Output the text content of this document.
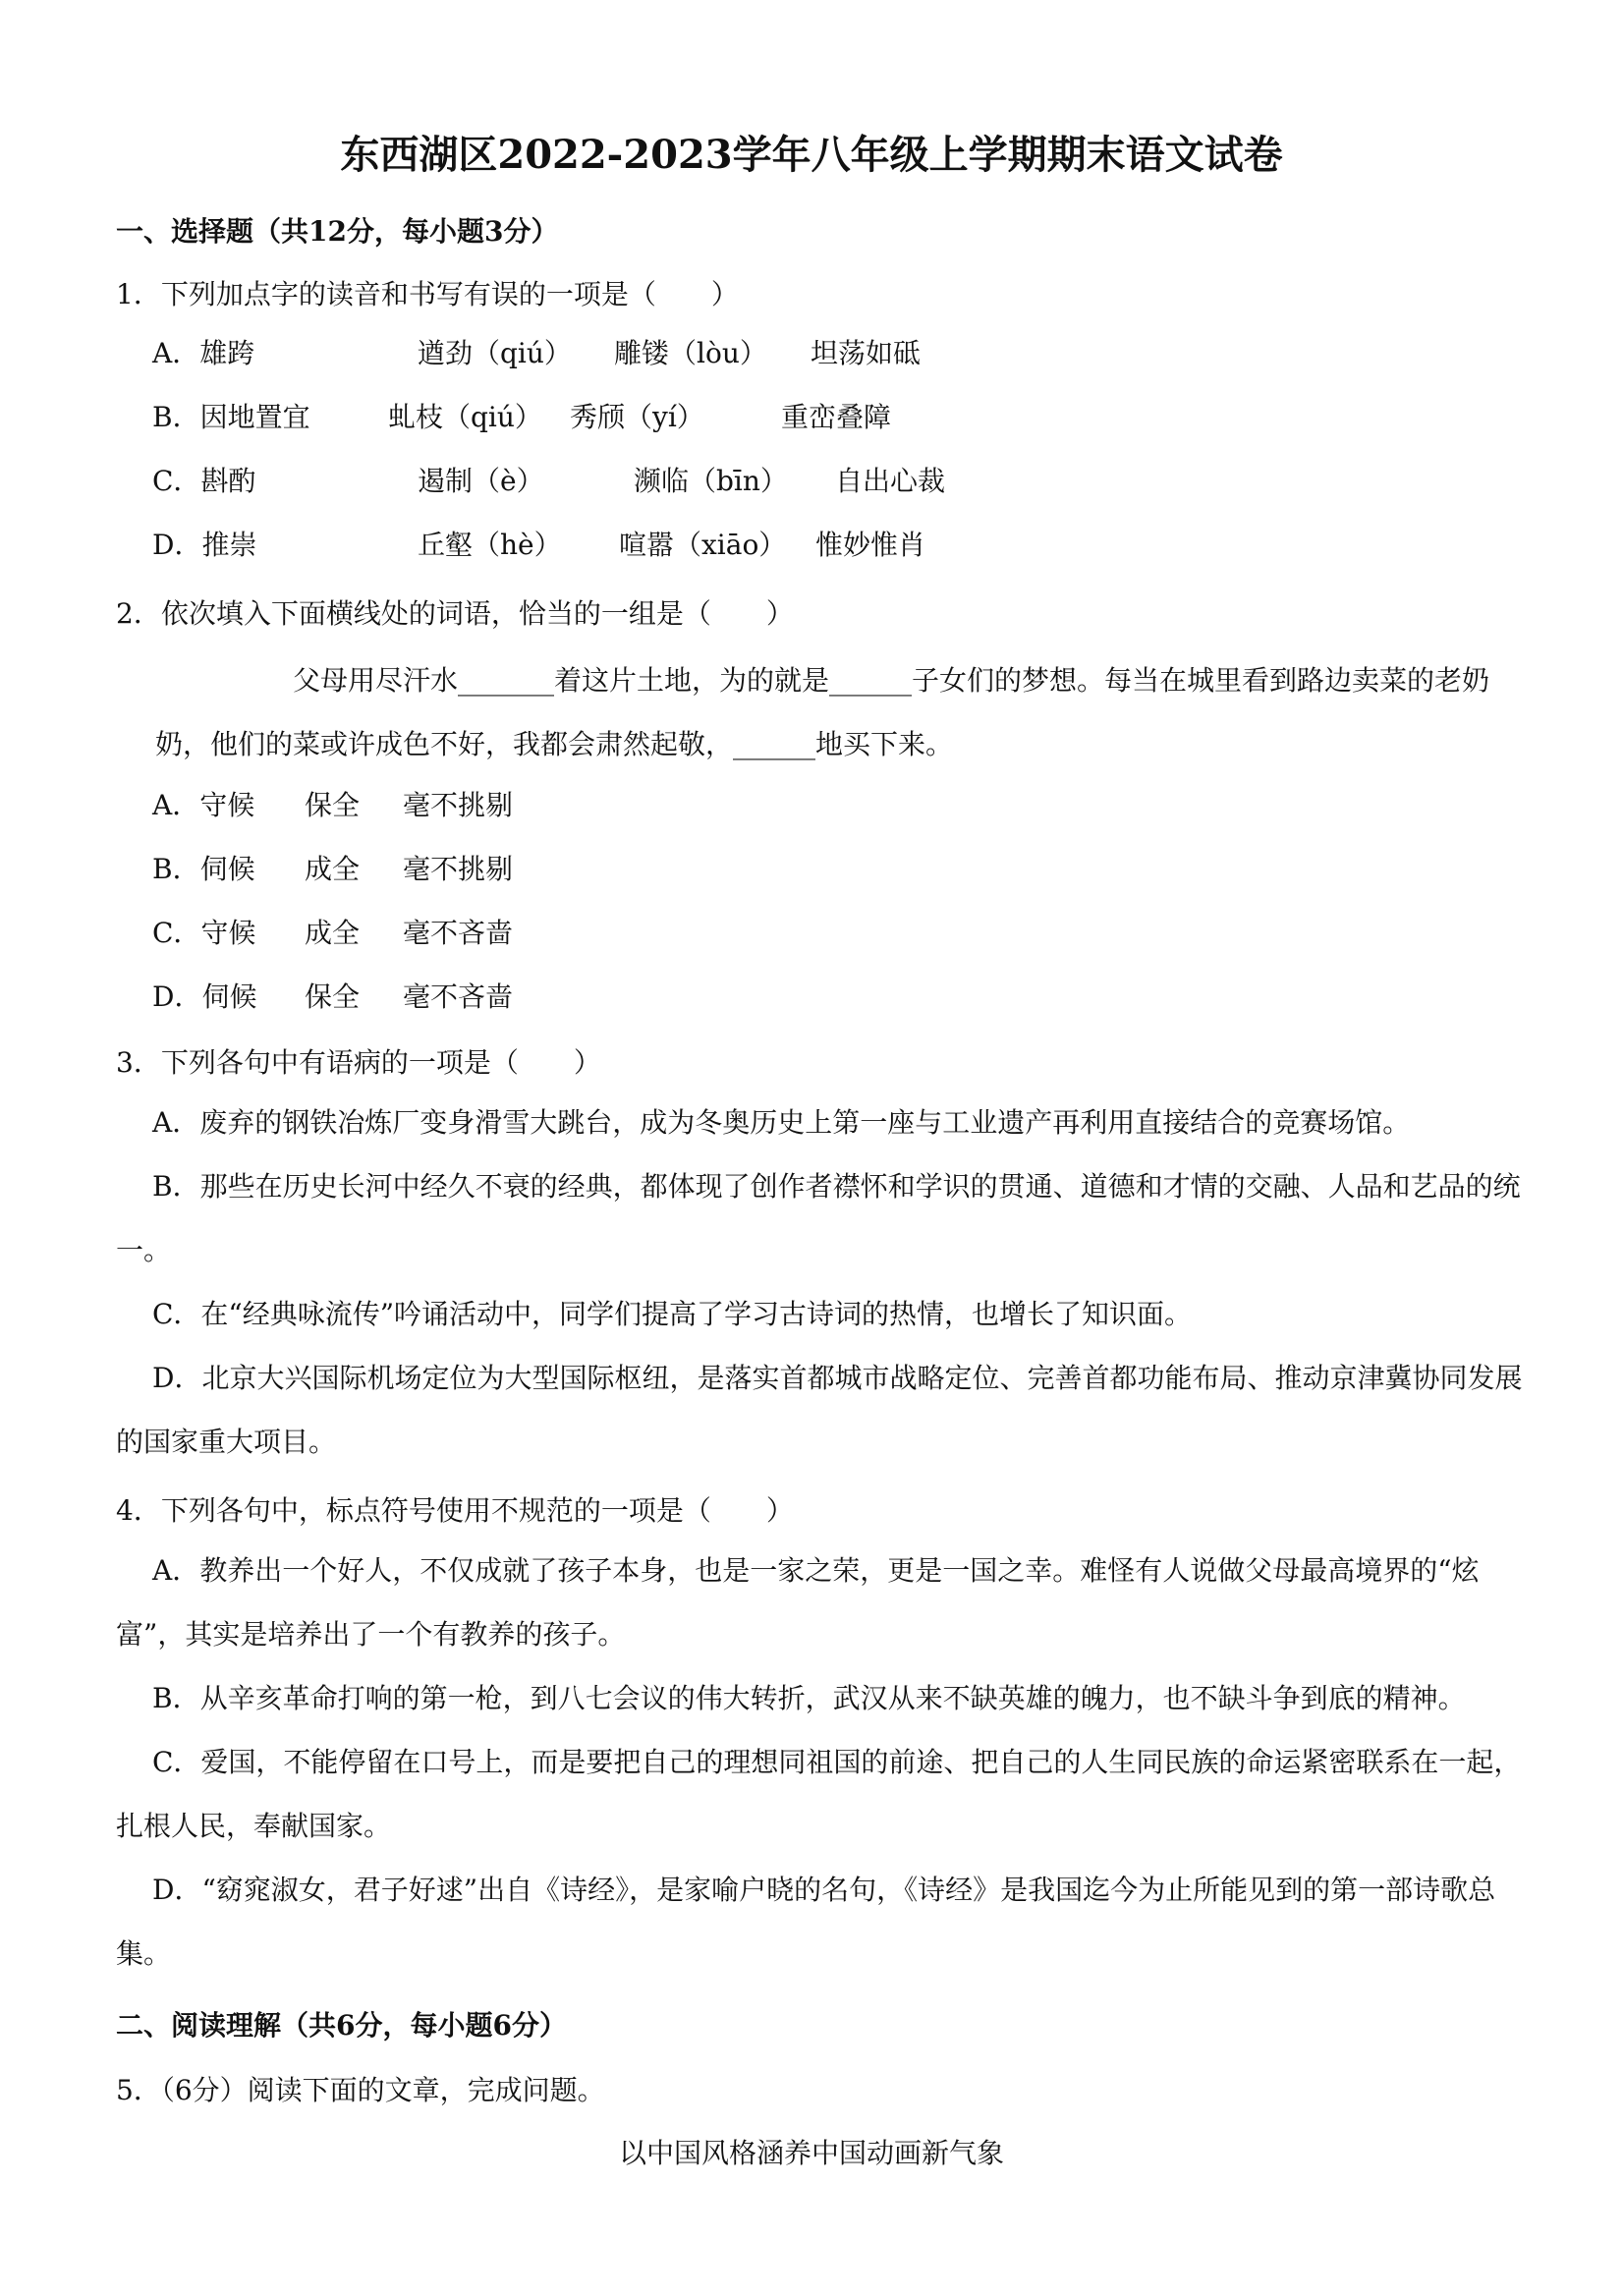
东西湖区2022-2023学年八年级上学期期末语文试卷
一、选择题（共12分，每小题3分）
1．下列加点字的读音和书写有误的一项是（　　）
A．雄跨	遒劲（qiú） 雕镂（lòu） 坦荡如砥
B．因地置宜	虬枝（qiú） 秀颀（yí）	重峦叠障
C．斟酌	遏制（è）	濒临（bīn） 自出心裁
D．推崇	丘壑（hè） 喧嚣（xiāo） 惟妙惟肖
2．依次填入下面横线处的词语，恰当的一组是（　　）
父母用尽汗水_______着这片土地，为的就是______子女们的梦想。每当在城里看到路边卖菜的老奶奶，他们的菜或许成色不好，我都会肃然起敬，______地买下来。
A．守候 保全 毫不挑剔
B．伺候 成全 毫不挑剔
C．守候 成全 毫不吝啬
D．伺候 保全 毫不吝啬
3．下列各句中有语病的一项是（　　）
A．废弃的钢铁冶炼厂变身滑雪大跳台，成为冬奥历史上第一座与工业遗产再利用直接结合的竞赛场馆。
B．那些在历史长河中经久不衰的经典，都体现了创作者襟怀和学识的贯通、道德和才情的交融、人品和艺品的统一。
C．在“经典咏流传”吟诵活动中，同学们提高了学习古诗词的热情，也增长了知识面。
D．北京大兴国际机场定位为大型国际枢纽，是落实首都城市战略定位、完善首都功能布局、推动京津冀协同发展的国家重大项目。
4．下列各句中，标点符号使用不规范的一项是（　　）
A．教养出一个好人，不仅成就了孩子本身，也是一家之荣，更是一国之幸。难怪有人说做父母最高境界的“炫富”，其实是培养出了一个有教养的孩子。
B．从辛亥革命打响的第一枪，到八七会议的伟大转折，武汉从来不缺英雄的魄力，也不缺斗争到底的精神。
C．爱国，不能停留在口号上，而是要把自己的理想同祖国的前途、把自己的人生同民族的命运紧密联系在一起，扎根人民，奉献国家。
D．“窈窕淑女，君子好逑”出自《诗经》，是家喻户晓的名句，《诗经》是我国迄今为止所能见到的第一部诗歌总集。
二、阅读理解（共6分，每小题6分）
5．（6分）阅读下面的文章，完成问题。
以中国风格涵养中国动画新气象
